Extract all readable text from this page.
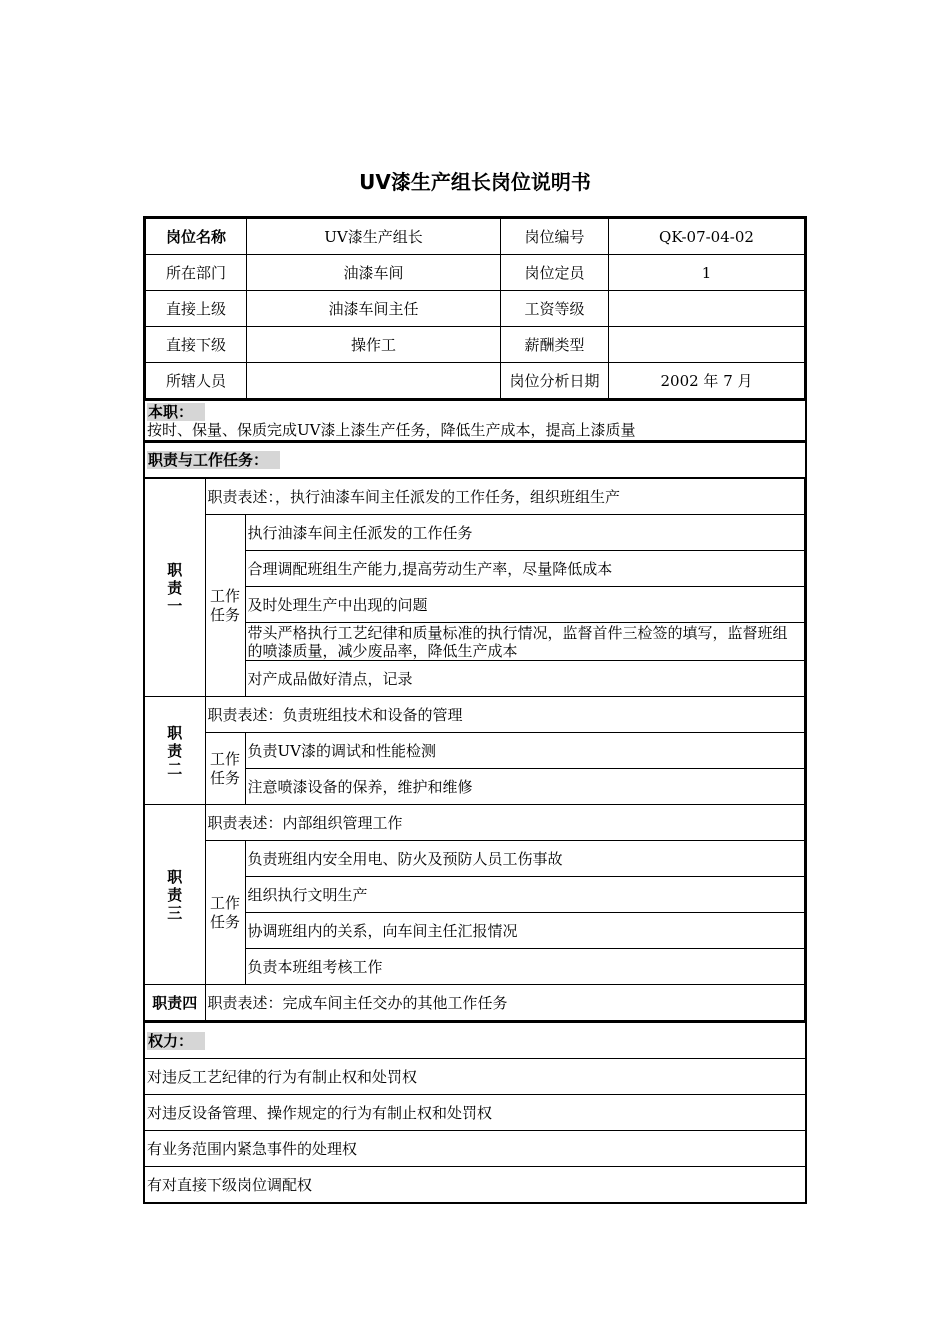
UV漆生产组长岗位说明书
岗位名称	UV漆生产组长	岗位编号	QK-07-04-02
所在部门	油漆车间	岗位定员	1
直接上级	油漆车间主任	工资等级	
直接下级	操作工	薪酬类型	
所辖人员		岗位分析日期	2002 年 7 月
本职：
按时、保量、保质完成UV漆上漆生产任务，降低生产成本，提高上漆质量
职责与工作任务：
职责一	职责表述：，执行油漆车间主任派发的工作任务，组织班组生产	
	工作任务	执行油漆车间主任派发的工作任务
		合理调配班组生产能力,提高劳动生产率，尽量降低成本
		及时处理生产中出现的问题
		带头严格执行工艺纪律和质量标准的执行情况，监督首件三检签的填写，监督班组的喷漆质量，减少废品率，降低生产成本
		对产成品做好清点，记录
职责二	职责表述：负责班组技术和设备的管理	
	工作任务	负责UV漆的调试和性能检测
		注意喷漆设备的保养，维护和维修
职责三	职责表述：内部组织管理工作	
	工作任务	负责班组内安全用电、防火及预防人员工伤事故
		组织执行文明生产
		协调班组内的关系，向车间主任汇报情况
		负责本班组考核工作
职责四	职责表述：完成车间主任交办的其他工作任务	
权力：
对违反工艺纪律的行为有制止权和处罚权
对违反设备管理、操作规定的行为有制止权和处罚权
有业务范围内紧急事件的处理权
有对直接下级岗位调配权
